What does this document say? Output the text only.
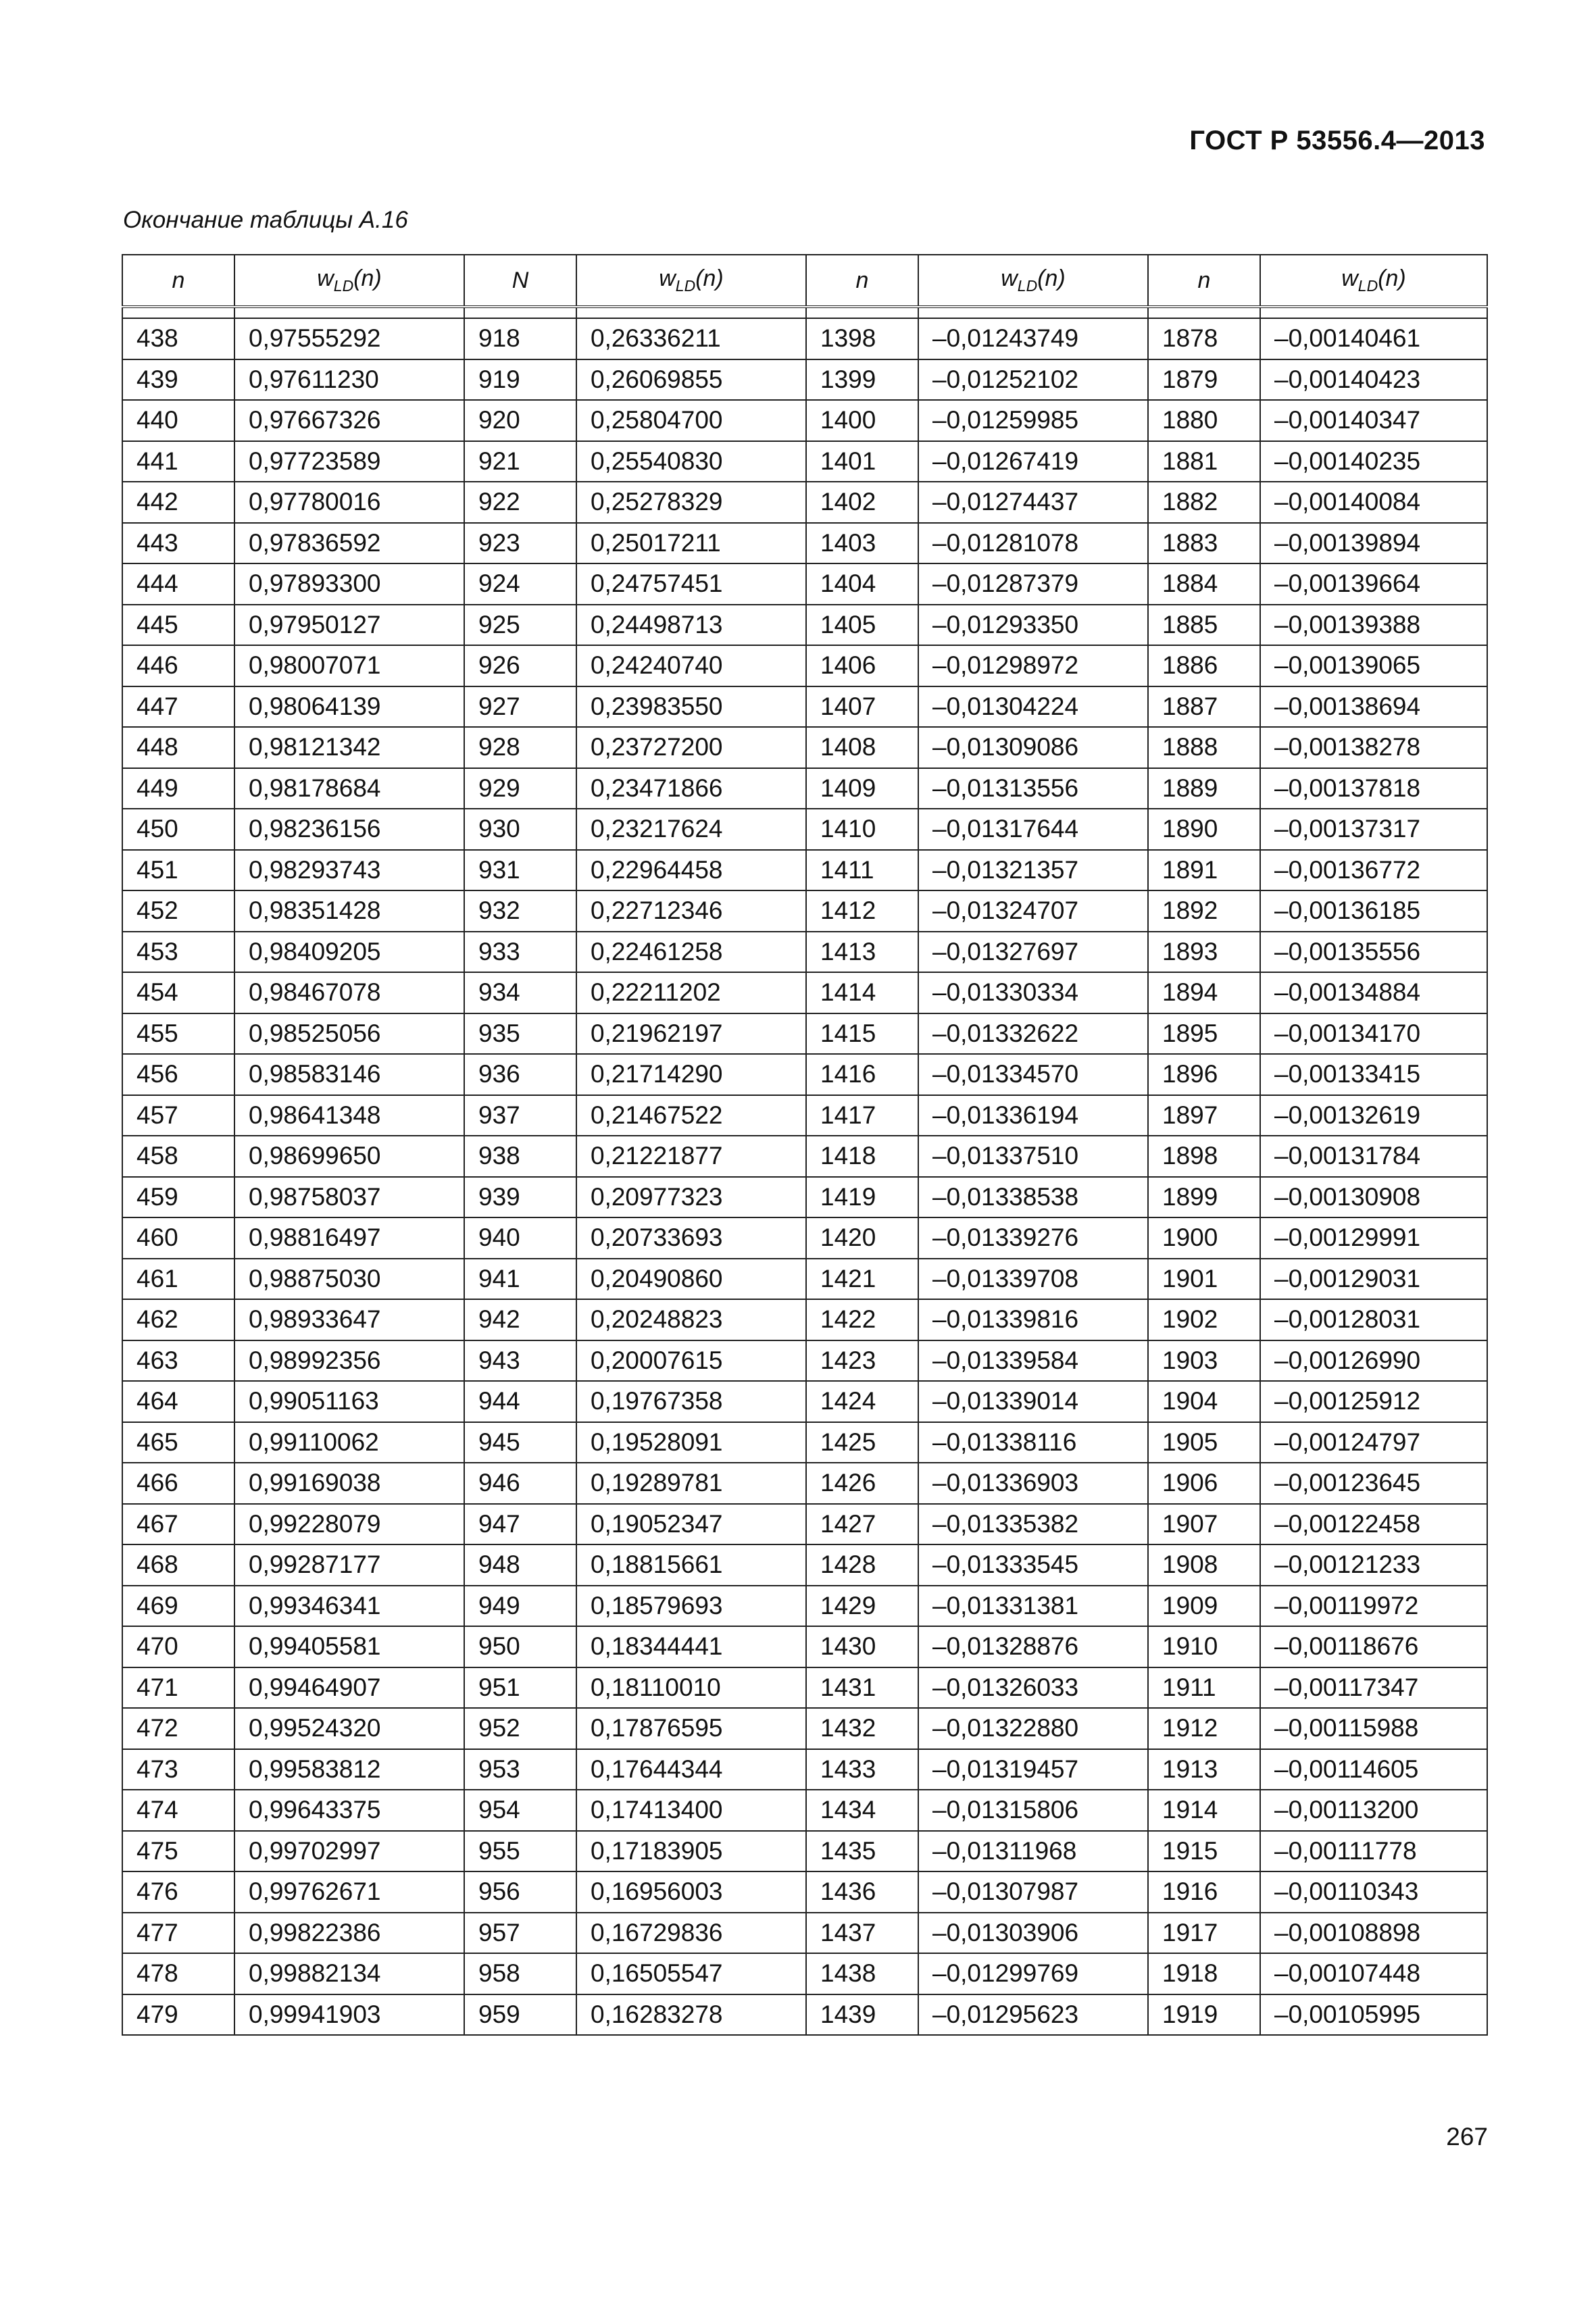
ГОСТ Р 53556.4—2013
Окончание таблицы А.16
n	$w_{LD}(n)$	N	$w_{LD}(n)$	n	$w_{LD}(n)$	n	$w_{LD}(n)$

438	0,97555292	918	0,26336211	1398	–0,01243749	1878	–0,00140461
439	0,97611230	919	0,26069855	1399	–0,01252102	1879	–0,00140423
440	0,97667326	920	0,25804700	1400	–0,01259985	1880	–0,00140347
441	0,97723589	921	0,25540830	1401	–0,01267419	1881	–0,00140235
442	0,97780016	922	0,25278329	1402	–0,01274437	1882	–0,00140084
443	0,97836592	923	0,25017211	1403	–0,01281078	1883	–0,00139894
444	0,97893300	924	0,24757451	1404	–0,01287379	1884	–0,00139664
445	0,97950127	925	0,24498713	1405	–0,01293350	1885	–0,00139388
446	0,98007071	926	0,24240740	1406	–0,01298972	1886	–0,00139065
447	0,98064139	927	0,23983550	1407	–0,01304224	1887	–0,00138694
448	0,98121342	928	0,23727200	1408	–0,01309086	1888	–0,00138278
449	0,98178684	929	0,23471866	1409	–0,01313556	1889	–0,00137818
450	0,98236156	930	0,23217624	1410	–0,01317644	1890	–0,00137317
451	0,98293743	931	0,22964458	1411	–0,01321357	1891	–0,00136772
452	0,98351428	932	0,22712346	1412	–0,01324707	1892	–0,00136185
453	0,98409205	933	0,22461258	1413	–0,01327697	1893	–0,00135556
454	0,98467078	934	0,22211202	1414	–0,01330334	1894	–0,00134884
455	0,98525056	935	0,21962197	1415	–0,01332622	1895	–0,00134170
456	0,98583146	936	0,21714290	1416	–0,01334570	1896	–0,00133415
457	0,98641348	937	0,21467522	1417	–0,01336194	1897	–0,00132619
458	0,98699650	938	0,21221877	1418	–0,01337510	1898	–0,00131784
459	0,98758037	939	0,20977323	1419	–0,01338538	1899	–0,00130908
460	0,98816497	940	0,20733693	1420	–0,01339276	1900	–0,00129991
461	0,98875030	941	0,20490860	1421	–0,01339708	1901	–0,00129031
462	0,98933647	942	0,20248823	1422	–0,01339816	1902	–0,00128031
463	0,98992356	943	0,20007615	1423	–0,01339584	1903	–0,00126990
464	0,99051163	944	0,19767358	1424	–0,01339014	1904	–0,00125912
465	0,99110062	945	0,19528091	1425	–0,01338116	1905	–0,00124797
466	0,99169038	946	0,19289781	1426	–0,01336903	1906	–0,00123645
467	0,99228079	947	0,19052347	1427	–0,01335382	1907	–0,00122458
468	0,99287177	948	0,18815661	1428	–0,01333545	1908	–0,00121233
469	0,99346341	949	0,18579693	1429	–0,01331381	1909	–0,00119972
470	0,99405581	950	0,18344441	1430	–0,01328876	1910	–0,00118676
471	0,99464907	951	0,18110010	1431	–0,01326033	1911	–0,00117347
472	0,99524320	952	0,17876595	1432	–0,01322880	1912	–0,00115988
473	0,99583812	953	0,17644344	1433	–0,01319457	1913	–0,00114605
474	0,99643375	954	0,17413400	1434	–0,01315806	1914	–0,00113200
475	0,99702997	955	0,17183905	1435	–0,01311968	1915	–0,00111778
476	0,99762671	956	0,16956003	1436	–0,01307987	1916	–0,00110343
477	0,99822386	957	0,16729836	1437	–0,01303906	1917	–0,00108898
478	0,99882134	958	0,16505547	1438	–0,01299769	1918	–0,00107448
479	0,99941903	959	0,16283278	1439	–0,01295623	1919	–0,00105995
267
